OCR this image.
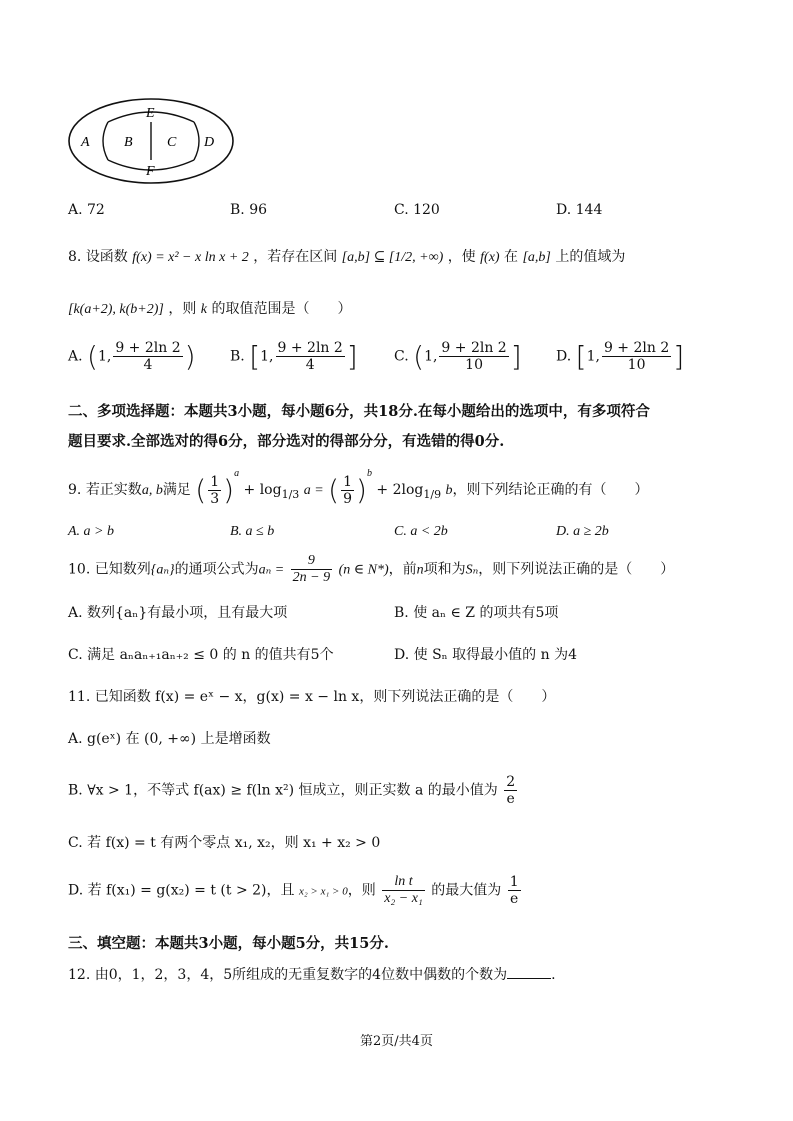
E
A B C D
F
A. 72	B. 96	C. 120	D. 144
8. 设函数 f(x) = x² − x ln x + 2 ，若存在区间 [a,b] ⊆ [1/2, +∞) ，使 f(x) 在 [a,b] 上的值域为
[k(a+2), k(b+2)] ，则 k 的取值范围是（　　）
A. (1, $\frac{9 + 2\ln 2}{4}$ ) B. [1, $\frac{9 + 2\ln 2}{4}$ ]	C. (1, $\frac{9 + 2\ln 2}{10}$ ] D. [1, $\frac{9 + 2\ln 2}{10}$ ]
二、多项选择题：本题共3小题，每小题6分，共18分.在每小题给出的选项中，有多项符合
题目要求.全部选对的得6分，部分选对的得部分分，有选错的得0分.
9. 若正实数a, b满足 ( $\frac{1}{3} )^a + \log_{1/3} a$ = ( $\frac{1}{9} )^b + 2\log_{1/9}$ b，则下列结论正确的有（　　）
A. a > b	B. a ≤ b	C. a < 2b	D. a ≥ 2b
10. 已知数列{aₙ}的通项公式为$a_n = \frac{9}{2n - 9} (n$ ∈ N*)，前n项和为Sₙ，则下列说法正确的是（　　）
A. 数列{aₙ}有最小项，且有最大项	B. 使 aₙ ∈ Z 的项共有5项
C. 满足 aₙaₙ₊₁aₙ₊₂ ≤ 0 的 n 的值共有5个	D. 使 Sₙ 取得最小值的 n 为4
11. 已知函数 f(x) = eˣ − x，g(x) = x − ln x，则下列说法正确的是（　　）
A. g(eˣ) 在 (0, +∞) 上是增函数
B. ∀x > 1，不等式 f(ax) ≥ f(ln x²) 恒成立，则正实数 a 的最小值为 $\frac{2}{e}$
C. 若 f(x) = t 有两个零点 x₁, x₂，则 x₁ + x₂ > 0
D. 若 f(x₁) = g(x₂) = t (t > 2)，且 x₂ > x₁ > 0，则 $\frac{\text{ln t}}{\text{x₂ − x₁}}$ 的最大值为 $\frac{1}{e}$
三、填空题：本题共3小题，每小题5分，共15分.
12. 由0，1，2，3，4，5所组成的无重复数字的4位数中偶数的个数为	.
第2页/共4页
